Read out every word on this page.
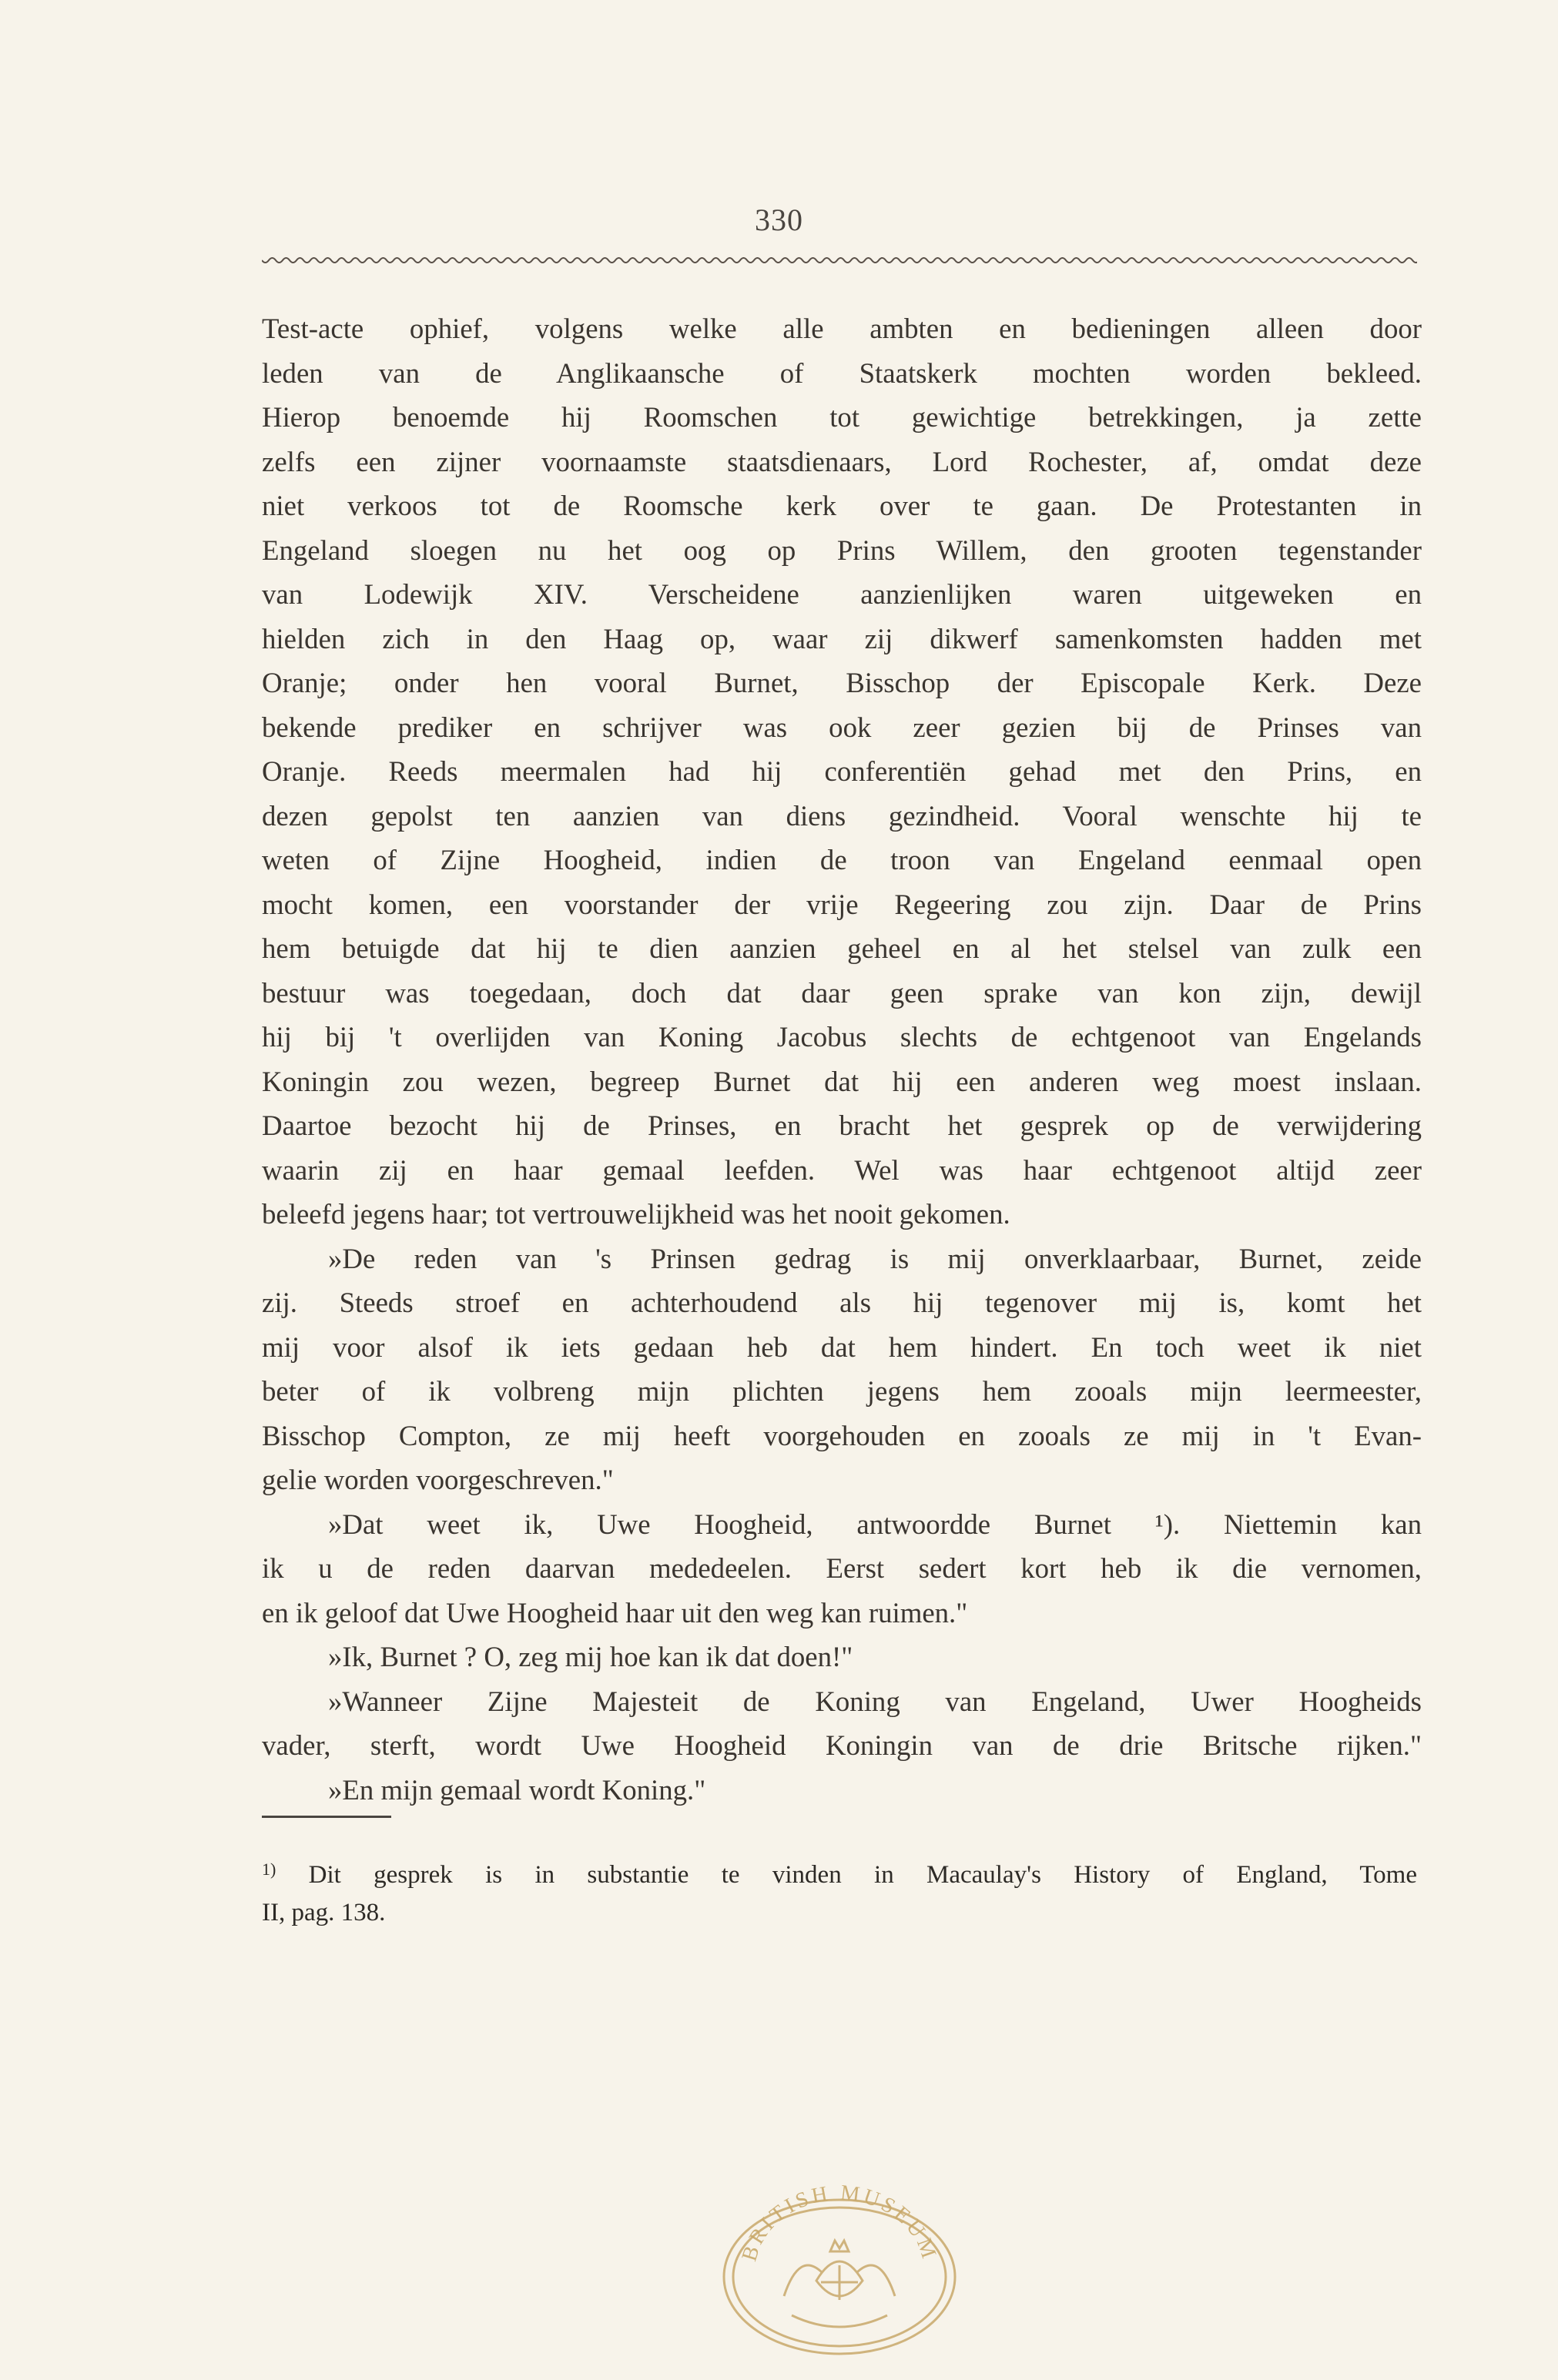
330
Test-acte ophief, volgens welke alle ambten en bedieningen alleen door
leden van de Anglikaansche of Staatskerk mochten worden bekleed.
Hierop benoemde hij Roomschen tot gewichtige betrekkingen, ja zette
zelfs een zijner voornaamste staatsdienaars, Lord Rochester, af, omdat deze
niet verkoos tot de Roomsche kerk over te gaan. De Protestanten in
Engeland sloegen nu het oog op Prins Willem, den grooten tegenstander
van Lodewijk XIV. Verscheidene aanzienlijken waren uitgeweken en
hielden zich in den Haag op, waar zij dikwerf samenkomsten hadden met
Oranje; onder hen vooral Burnet, Bisschop der Episcopale Kerk. Deze
bekende prediker en schrijver was ook zeer gezien bij de Prinses van
Oranje. Reeds meermalen had hij conferentiën gehad met den Prins, en
dezen gepolst ten aanzien van diens gezindheid. Vooral wenschte hij te
weten of Zijne Hoogheid, indien de troon van Engeland eenmaal open
mocht komen, een voorstander der vrije Regeering zou zijn. Daar de Prins
hem betuigde dat hij te dien aanzien geheel en al het stelsel van zulk een
bestuur was toegedaan, doch dat daar geen sprake van kon zijn, dewijl
hij bij 't overlijden van Koning Jacobus slechts de echtgenoot van Engelands
Koningin zou wezen, begreep Burnet dat hij een anderen weg moest inslaan.
Daartoe bezocht hij de Prinses, en bracht het gesprek op de verwijdering
waarin zij en haar gemaal leefden. Wel was haar echtgenoot altijd zeer
beleefd jegens haar; tot vertrouwelijkheid was het nooit gekomen.
»De reden van 's Prinsen gedrag is mij onverklaarbaar, Burnet, zeide
zij. Steeds stroef en achterhoudend als hij tegenover mij is, komt het
mij voor alsof ik iets gedaan heb dat hem hindert. En toch weet ik niet
beter of ik volbreng mijn plichten jegens hem zooals mijn leermeester,
Bisschop Compton, ze mij heeft voorgehouden en zooals ze mij in 't Evan-
gelie worden voorgeschreven."
»Dat weet ik, Uwe Hoogheid, antwoordde Burnet ¹). Niettemin kan
ik u de reden daarvan mededeelen. Eerst sedert kort heb ik die vernomen,
en ik geloof dat Uwe Hoogheid haar uit den weg kan ruimen."
»Ik, Burnet ? O, zeg mij hoe kan ik dat doen!"
»Wanneer Zijne Majesteit de Koning van Engeland, Uwer Hoogheids
vader, sterft, wordt Uwe Hoogheid Koningin van de drie Britsche rijken."
»En mijn gemaal wordt Koning."
$^{1)}$ Dit gesprek is in substantie te vinden in Macaulay's History of England, Tome
II, pag. 138.
BRITISH MUSEUM
